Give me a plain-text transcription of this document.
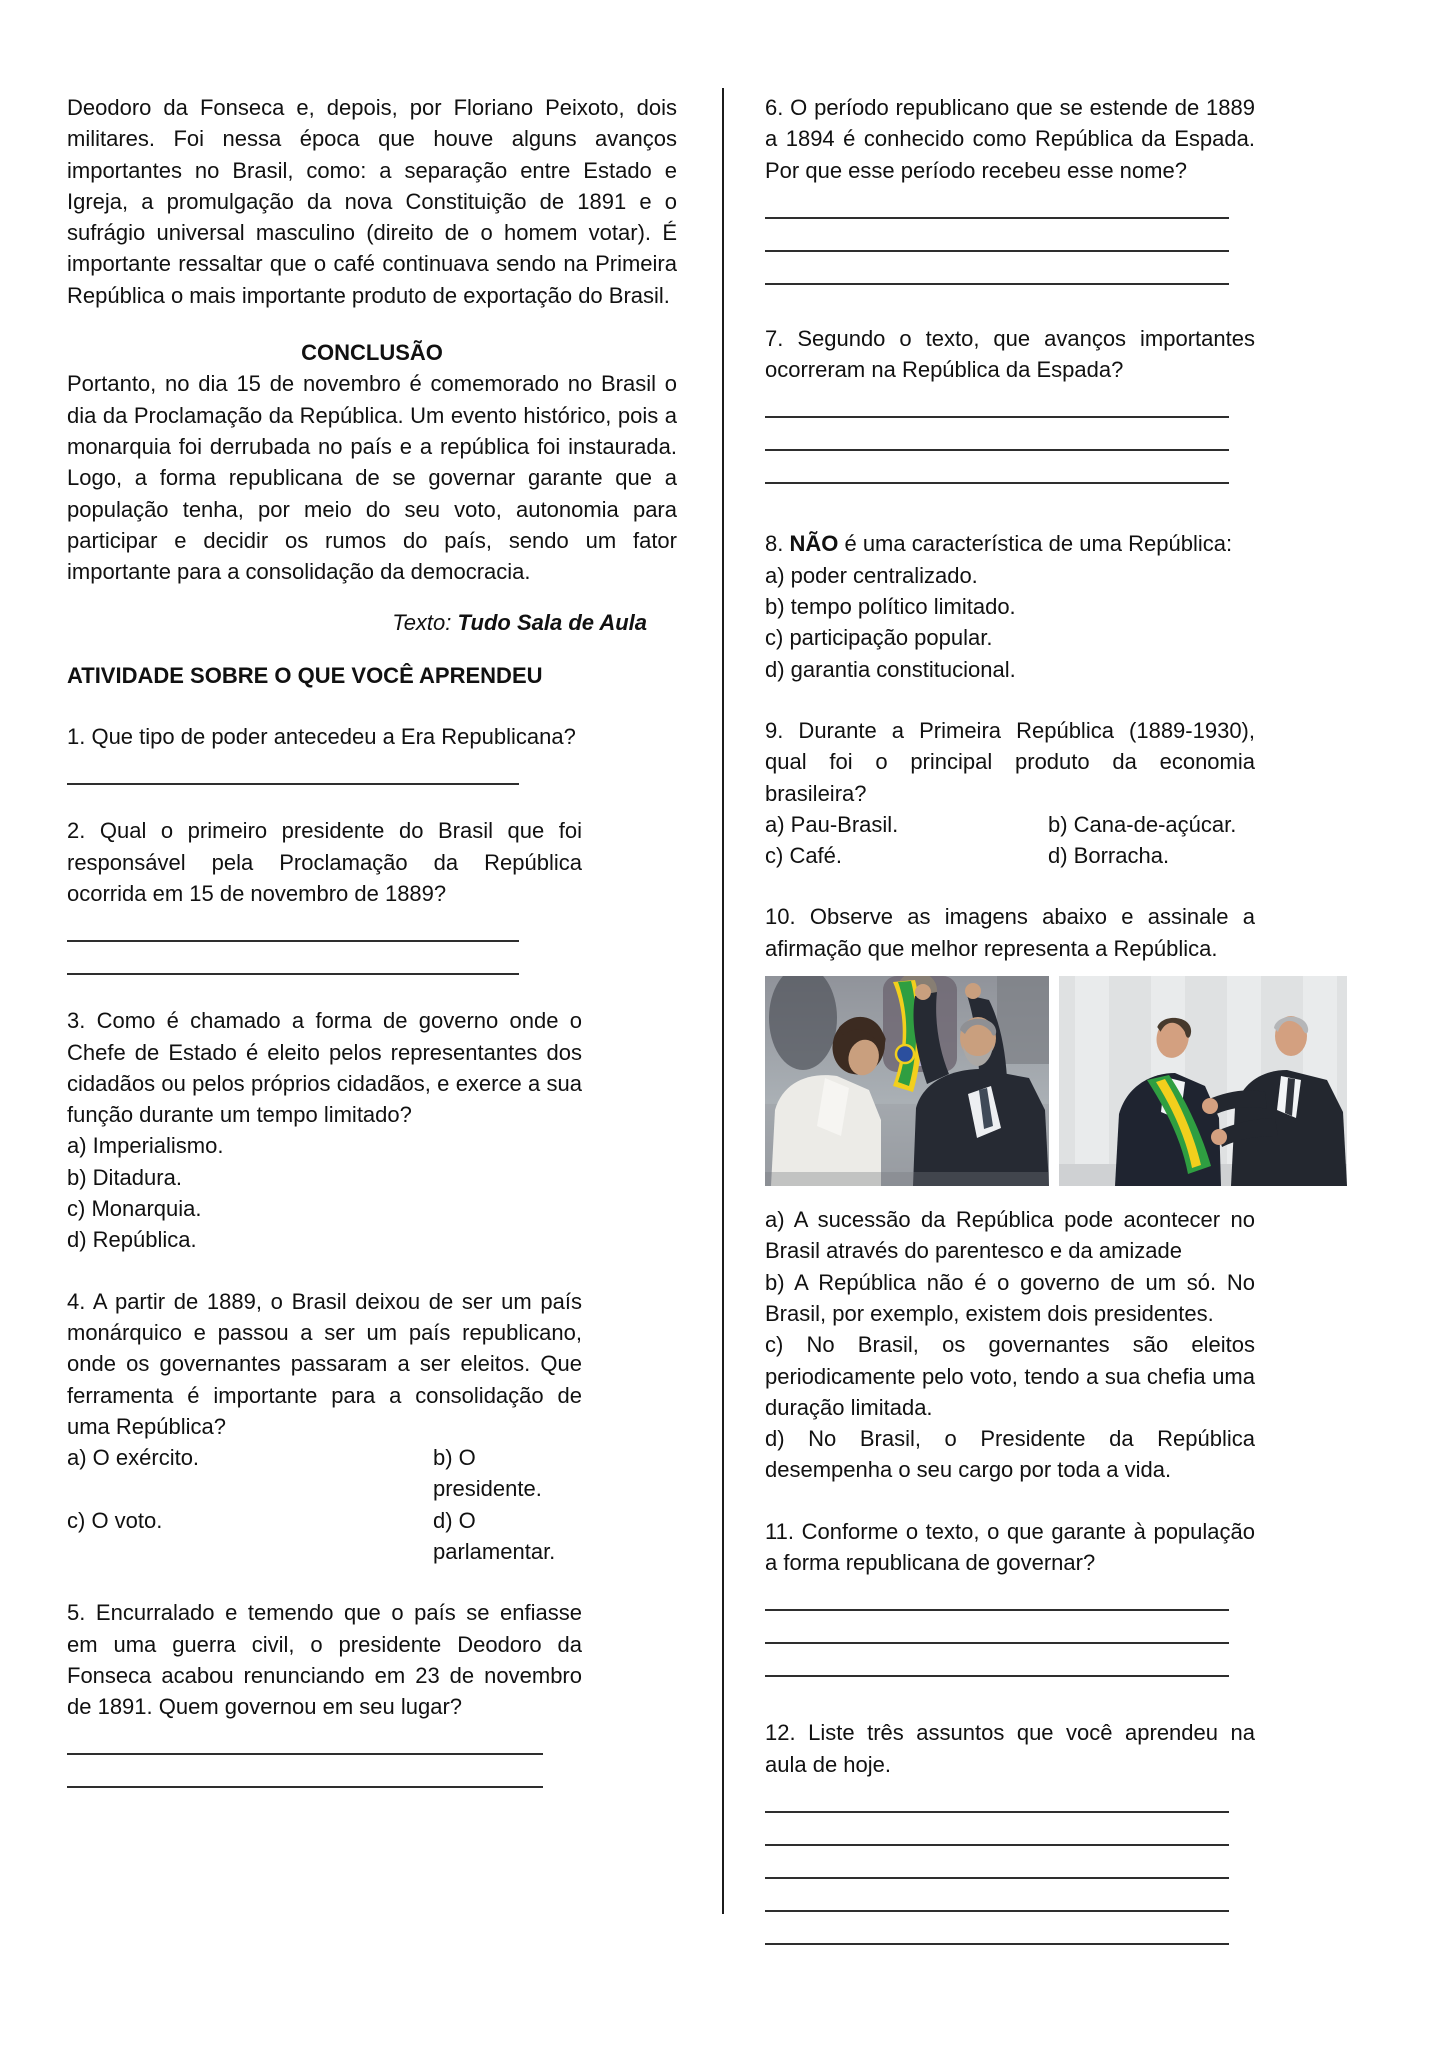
Deodoro da Fonseca e, depois, por Floriano Peixoto, dois militares. Foi nessa época que houve alguns avanços importantes no Brasil, como: a separação entre Estado e Igreja, a promulgação da nova Constituição de 1891 e o sufrágio universal masculino (direito de o homem votar). É importante ressaltar que o café continuava sendo na Primeira República o mais importante produto de exportação do Brasil.

CONCLUSÃO

Portanto, no dia 15 de novembro é comemorado no Brasil o dia da Proclamação da República. Um evento histórico, pois a monarquia foi derrubada no país e a república foi instaurada. Logo, a forma republicana de se governar garante que a população tenha, por meio do seu voto, autonomia para participar e decidir os rumos do país, sendo um fator importante para a consolidação da democracia.

Texto: Tudo Sala de Aula

ATIVIDADE SOBRE O QUE VOCÊ APRENDEU

1. Que tipo de poder antecedeu a Era Republicana?

2. Qual o primeiro presidente do Brasil que foi responsável pela Proclamação da República ocorrida em 15 de novembro de 1889?

3. Como é chamado a forma de governo onde o Chefe de Estado é eleito pelos representantes dos cidadãos ou pelos próprios cidadãos, e exerce a sua função durante um tempo limitado?

a) Imperialismo.

b) Ditadura.

c) Monarquia.

d) República.

4. A partir de 1889, o Brasil deixou de ser um país monárquico e passou a ser um país republicano, onde os governantes passaram a ser eleitos. Que ferramenta é importante para a consolidação de uma República?

a) O exército.	b) O presidente.
c) O voto.	d) O parlamentar.

5. Encurralado e temendo que o país se enfiasse em uma guerra civil, o presidente Deodoro da Fonseca acabou renunciando em 23 de novembro de 1891. Quem governou em seu lugar?

6. O período republicano que se estende de 1889 a 1894 é conhecido como República da Espada. Por que esse período recebeu esse nome?

7. Segundo o texto, que avanços importantes ocorreram na República da Espada?

8. NÃO é uma característica de uma República:

a) poder centralizado.

b) tempo político limitado.

c) participação popular.

d) garantia constitucional.

9. Durante a Primeira República (1889-1930), qual foi o principal produto da economia brasileira?

a) Pau-Brasil.	b) Cana-de-açúcar.
c) Café.	d) Borracha.

10. Observe as imagens abaixo e assinale a afirmação que melhor representa a República.

a) A sucessão da República pode acontecer no Brasil através do parentesco e da amizade

b) A República não é o governo de um só. No Brasil, por exemplo, existem dois presidentes.

c) No Brasil, os governantes são eleitos periodicamente pelo voto, tendo a sua chefia uma duração limitada.

d) No Brasil, o Presidente da República desempenha o seu cargo por toda a vida.

11. Conforme o texto, o que garante à população a forma republicana de governar?

12. Liste três assuntos que você aprendeu na aula de hoje.
